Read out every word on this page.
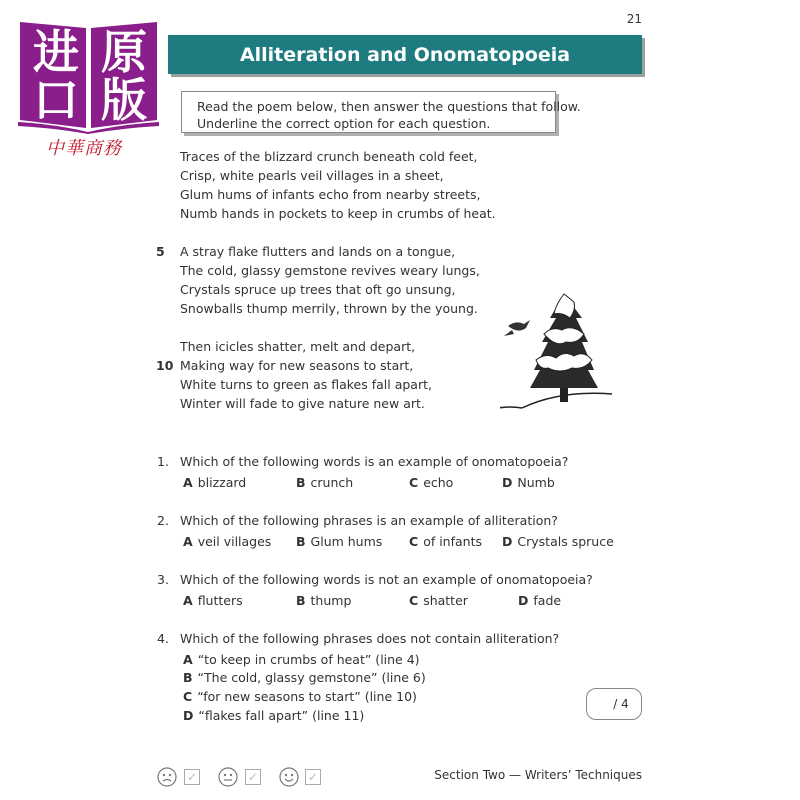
进 原
口 版
中華商務
21
Alliteration and Onomatopoeia
Read the poem below, then answer the questions that follow.
Underline the correct option for each question.
Traces of the blizzard crunch beneath cold feet,
Crisp, white pearls veil villages in a sheet,
Glum hums of infants echo from nearby streets,
Numb hands in pockets to keep in crumbs of heat.
5 A stray flake flutters and lands on a tongue,
The cold, glassy gemstone revives weary lungs,
Crystals spruce up trees that oft go unsung,
Snowballs thump merrily, thrown by the young.
Then icicles shatter, melt and depart,
10 Making way for new seasons to start,
White turns to green as flakes fall apart,
Winter will fade to give nature new art.
1. Which of the following words is an example of onomatopoeia?
A blizzard	B crunch	C echo	D Numb
2. Which of the following phrases is an example of alliteration?
A veil villages B Glum hums C of infants D Crystals spruce
3. Which of the following words is not an example of onomatopoeia?
A flutters	B thump	C shatter	D fade
4. Which of the following phrases does not contain alliteration?
A “to keep in crumbs of heat” (line 4)
B “The cold, glassy gemstone” (line 6)
C “for new seasons to start” (line 10)
D “flakes fall apart” (line 11)
/ 4
✓	✓	✓	Section Two — Writers’ Techniques
